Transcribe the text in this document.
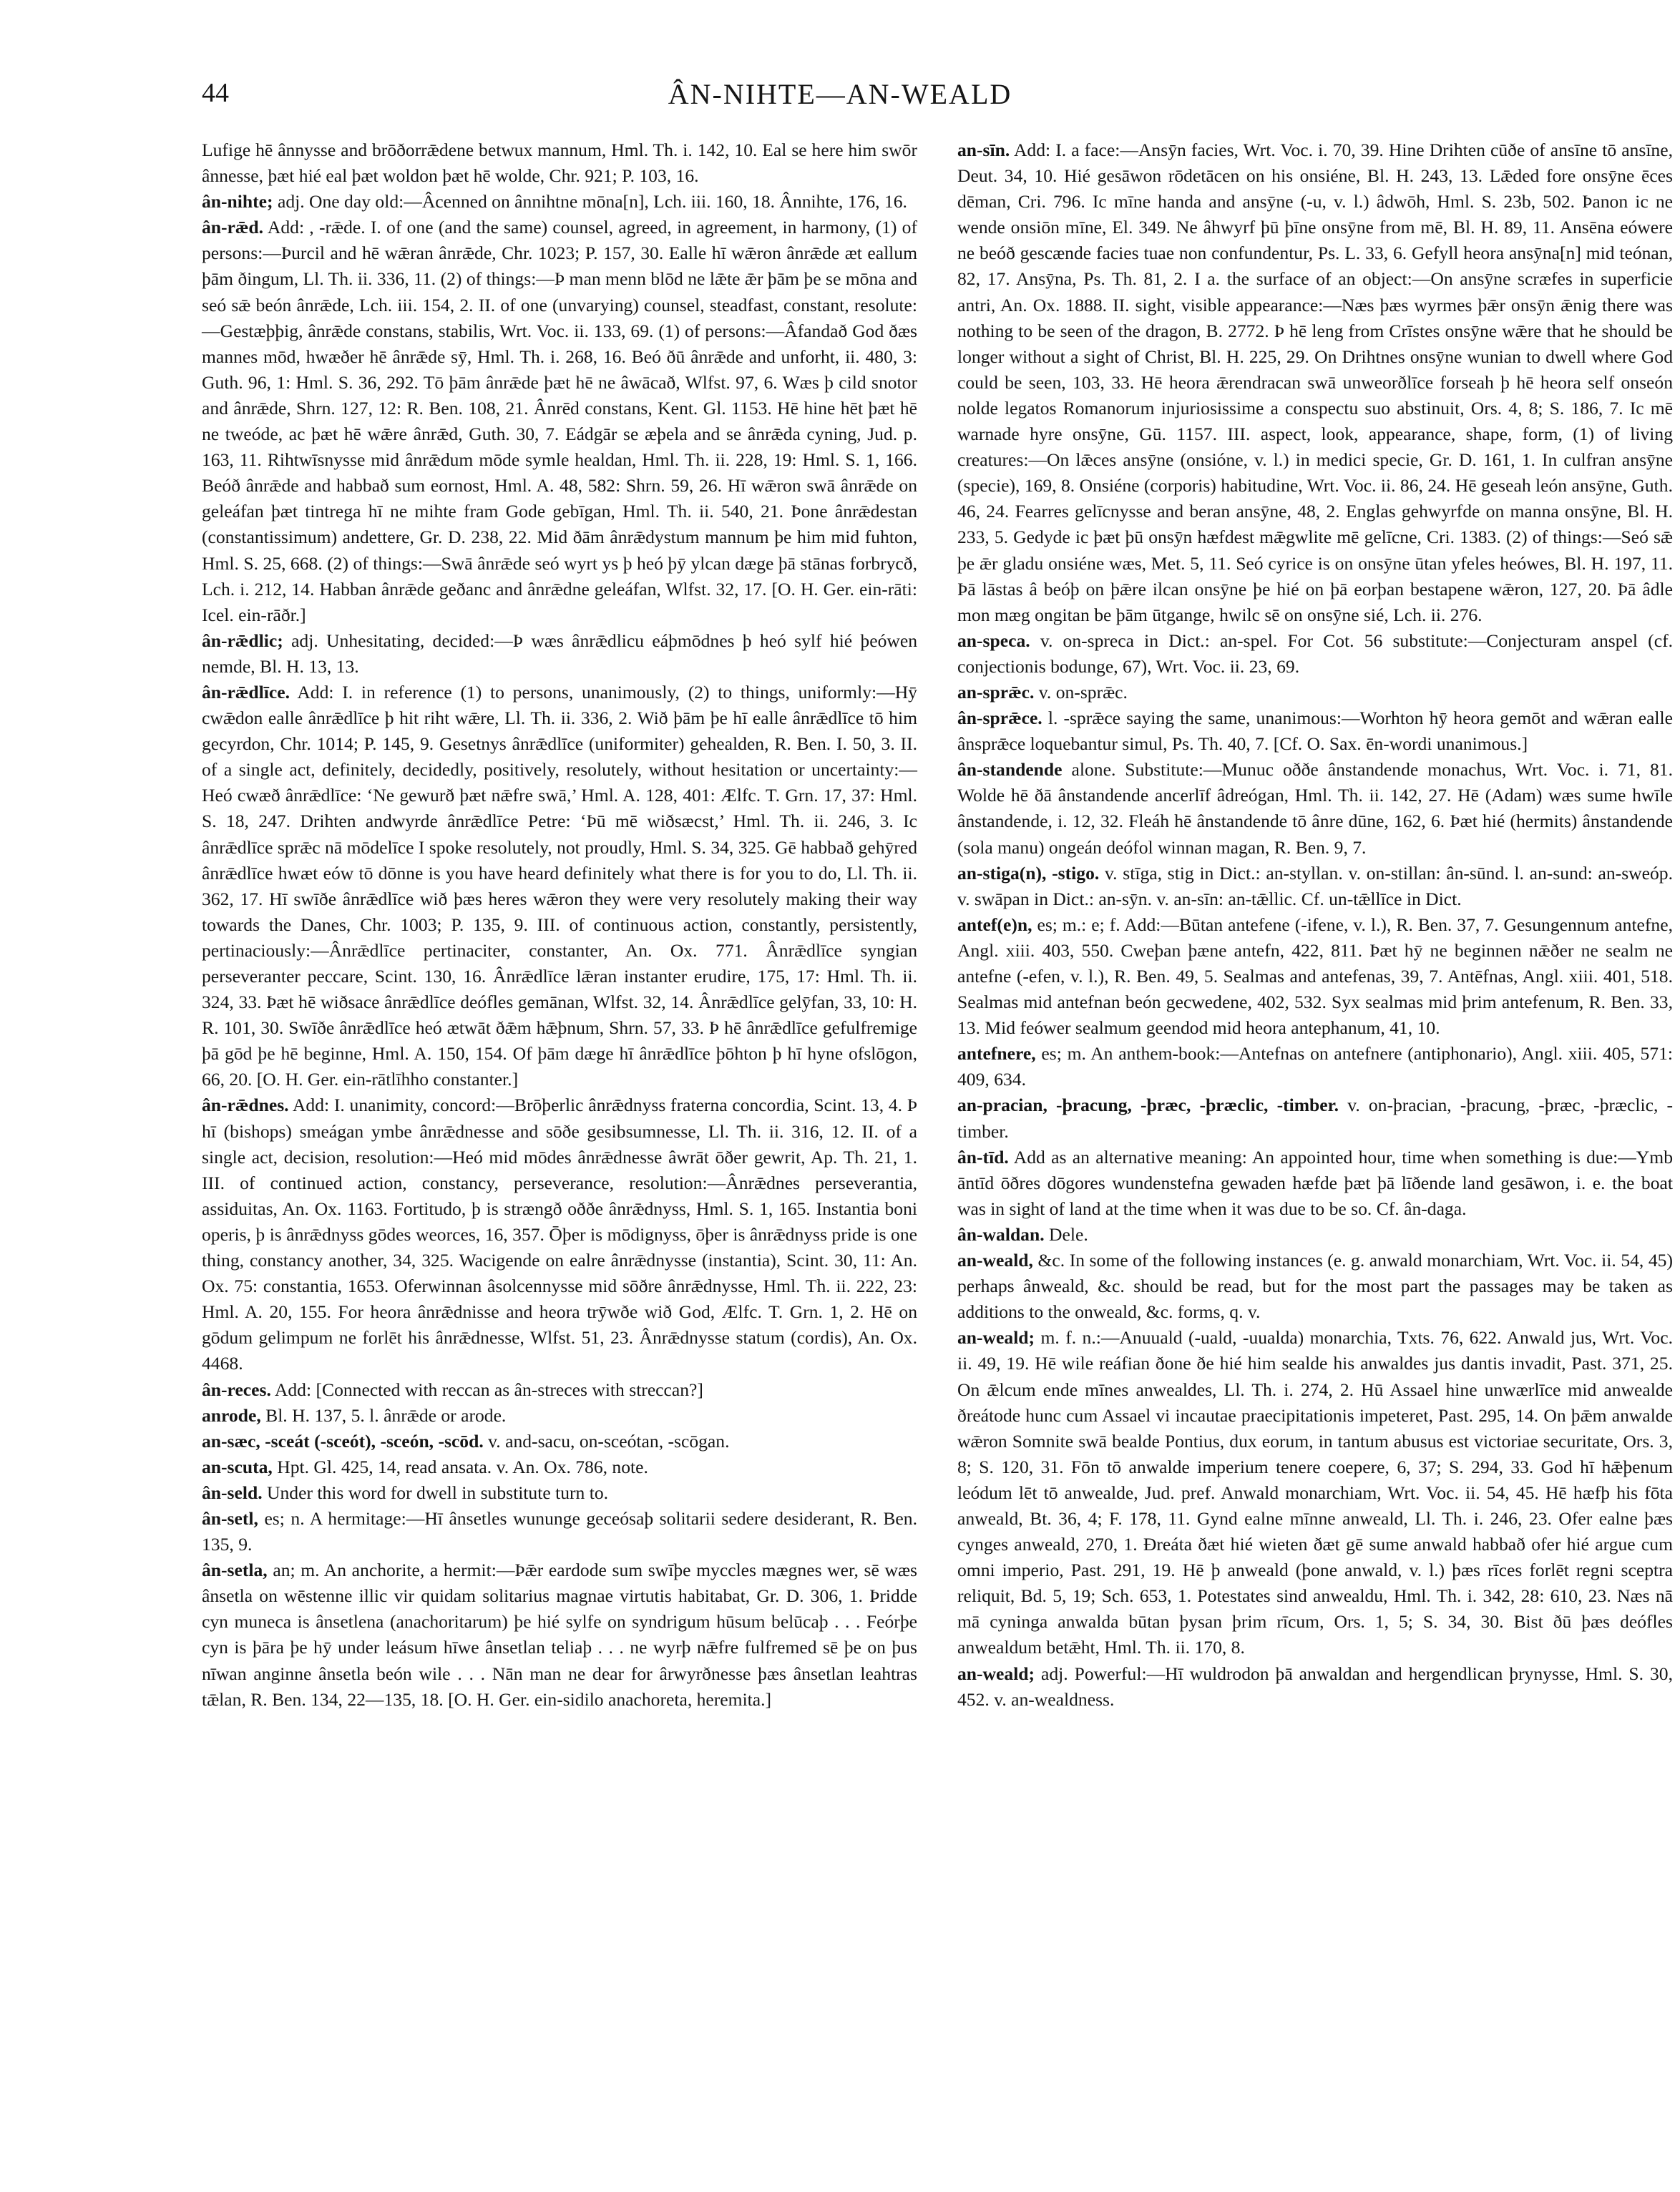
44	ÂN-NIHTE—AN-WEALD

Lufige hē ânnysse and brōðorrǣdene betwux mannum, Hml. Th. i. 142, 10. Eal se here him swōr ânnesse, þæt hié eal þæt woldon þæt hē wolde, Chr. 921; P. 103, 16.

ân-nihte; adj. One day old:—Âcenned on ânnihtne mōna[n], Lch. iii. 160, 18. Ânnihte, 176, 16.

ân-rǣd. Add: , -rǣde. I. of one (and the same) counsel, agreed, in agreement, in harmony, (1) of persons:—Þurcil and hē wǣran ânrǣde, Chr. 1023; P. 157, 30. Ealle hī wǣron ânrǣde æt eallum þām ðingum, Ll. Th. ii. 336, 11. (2) of things:—Þ man menn blōd ne lǣte ǣr þām þe se mōna and seó sǣ beón ânrǣde, Lch. iii. 154, 2. II. of one (unvarying) counsel, steadfast, constant, resolute:—Gestæþþig, ânrǣde constans, stabilis, Wrt. Voc. ii. 133, 69. (1) of persons:—Âfandað God ðæs mannes mōd, hwæðer hē ânrǣde sȳ, Hml. Th. i. 268, 16. Beó ðū ânrǣde and unforht, ii. 480, 3: Guth. 96, 1: Hml. S. 36, 292. Tō þām ânrǣde þæt hē ne âwācað, Wlfst. 97, 6. Wæs þ cild snotor and ânrǣde, Shrn. 127, 12: R. Ben. 108, 21. Ânrēd constans, Kent. Gl. 1153. Hē hine hēt þæt hē ne tweóde, ac þæt hē wǣre ânrǣd, Guth. 30, 7. Eádgār se æþela and se ânrǣda cyning, Jud. p. 163, 11. Rihtwīsnysse mid ânrǣdum mōde symle healdan, Hml. Th. ii. 228, 19: Hml. S. 1, 166. Beóð ânrǣde and habbað sum eornost, Hml. A. 48, 582: Shrn. 59, 26. Hī wǣron swā ânrǣde on geleáfan þæt tintrega hī ne mihte fram Gode gebīgan, Hml. Th. ii. 540, 21. Þone ânrǣdestan (constantissimum) andettere, Gr. D. 238, 22. Mid ðām ânrǣdystum mannum þe him mid fuhton, Hml. S. 25, 668. (2) of things:—Swā ânrǣde seó wyrt ys þ heó þȳ ylcan dæge þā stānas forbrycð, Lch. i. 212, 14. Habban ânrǣde geðanc and ânrǣdne geleáfan, Wlfst. 32, 17. [O. H. Ger. ein-rāti: Icel. ein-rāðr.]

ân-rǣdlic; adj. Unhesitating, decided:—Þ wæs ânrǣdlicu eáþmōdnes þ heó sylf hié þeówen nemde, Bl. H. 13, 13.

ân-rǣdlīce. Add: I. in reference (1) to persons, unanimously, (2) to things, uniformly:—Hȳ cwǣdon ealle ânrǣdlīce þ hit riht wǣre, Ll. Th. ii. 336, 2. Wið þām þe hī ealle ânrǣdlīce tō him gecyrdon, Chr. 1014; P. 145, 9. Gesetnys ânrǣdlīce (uniformiter) gehealden, R. Ben. I. 50, 3. II. of a single act, definitely, decidedly, positively, resolutely, without hesitation or uncertainty:—Heó cwæð ânrǣdlīce: ‘Ne gewurð þæt nǣfre swā,’ Hml. A. 128, 401: Ælfc. T. Grn. 17, 37: Hml. S. 18, 247. Drihten andwyrde ânrǣdlīce Petre: ‘Þū mē wiðsæcst,’ Hml. Th. ii. 246, 3. Ic ânrǣdlīce sprǣc nā mōdelīce I spoke resolutely, not proudly, Hml. S. 34, 325. Gē habbað gehȳred ânrǣdlīce hwæt eów tō dōnne is you have heard definitely what there is for you to do, Ll. Th. ii. 362, 17. Hī swīðe ânrǣdlīce wið þæs heres wǣron they were very resolutely making their way towards the Danes, Chr. 1003; P. 135, 9. III. of continuous action, constantly, persistently, pertinaciously:—Ânrǣdlīce pertinaciter, constanter, An. Ox. 771. Ânrǣdlīce syngian perseveranter peccare, Scint. 130, 16. Ânrǣdlīce lǣran instanter erudire, 175, 17: Hml. Th. ii. 324, 33. Þæt hē wiðsace ânrǣdlīce deófles gemānan, Wlfst. 32, 14. Ânrǣdlīce gelȳfan, 33, 10: H. R. 101, 30. Swīðe ânrǣdlīce heó ætwāt ðǣm hǣþnum, Shrn. 57, 33. Þ hē ânrǣdlīce gefulfremige þā gōd þe hē beginne, Hml. A. 150, 154. Of þām dæge hī ânrǣdlīce þōhton þ hī hyne ofslōgon, 66, 20. [O. H. Ger. ein-rātlīhho constanter.]

ân-rǣdnes. Add: I. unanimity, concord:—Brōþerlic ânrǣdnyss fraterna concordia, Scint. 13, 4. Þ hī (bishops) smeágan ymbe ânrǣdnesse and sōðe gesibsumnesse, Ll. Th. ii. 316, 12. II. of a single act, decision, resolution:—Heó mid mōdes ânrǣdnesse âwrāt ōðer gewrit, Ap. Th. 21, 1. III. of continued action, constancy, perseverance, resolution:—Ânrǣdnes perseverantia, assiduitas, An. Ox. 1163. Fortitudo, þ is strængð oððe ânrǣdnyss, Hml. S. 1, 165. Instantia boni operis, þ is ânrǣdnyss gōdes weorces, 16, 357. Ōþer is mōdignyss, ōþer is ânrǣdnyss pride is one thing, constancy another, 34, 325. Wacigende on ealre ânrǣdnysse (instantia), Scint. 30, 11: An. Ox. 75: constantia, 1653. Oferwinnan âsolcennysse mid sōðre ânrǣdnysse, Hml. Th. ii. 222, 23: Hml. A. 20, 155. For heora ânrǣdnisse and heora trȳwðe wið God, Ælfc. T. Grn. 1, 2. Hē on gōdum gelimpum ne forlēt his ânrǣdnesse, Wlfst. 51, 23. Ânrǣdnysse statum (cordis), An. Ox. 4468.

ân-reces. Add: [Connected with reccan as ân-streces with streccan?]

anrode, Bl. H. 137, 5. l. ânrǣde or arode.

an-sæc, -sceát (-sceót), -sceón, -scōd. v. and-sacu, on-sceótan, -scōgan.

an-scuta, Hpt. Gl. 425, 14, read ansata. v. An. Ox. 786, note.

ân-seld. Under this word for dwell in substitute turn to.

ân-setl, es; n. A hermitage:—Hī ânsetles wununge geceósaþ solitarii sedere desiderant, R. Ben. 135, 9.

ân-setla, an; m. An anchorite, a hermit:—Þǣr eardode sum swīþe myccles mægnes wer, sē wæs ânsetla on wēstenne illic vir quidam solitarius magnae virtutis habitabat, Gr. D. 306, 1. Þridde cyn muneca is ânsetlena (anachoritarum) þe hié sylfe on syndrigum hūsum belūcaþ . . . Feórþe cyn is þāra þe hȳ under leásum hīwe ânsetlan teliaþ . . . ne wyrþ nǣfre fulfremed sē þe on þus nīwan anginne ânsetla beón wile . . . Nān man ne dear for ârwyrðnesse þæs ânsetlan leahtras tǣlan, R. Ben. 134, 22—135, 18. [O. H. Ger. ein-sidilo anachoreta, heremita.]

an-sīn. Add: I. a face:—Ansȳn facies, Wrt. Voc. i. 70, 39. Hine Drihten cūðe of ansīne tō ansīne, Deut. 34, 10. Hié gesāwon rōdetācen on his onsiéne, Bl. H. 243, 13. Lǣded fore onsȳne ēces dēman, Cri. 796. Ic mīne handa and ansȳne (-u, v. l.) âdwōh, Hml. S. 23b, 502. Þanon ic ne wende onsiōn mīne, El. 349. Ne âhwyrf þū þīne onsȳne from mē, Bl. H. 89, 11. Ansēna eówere ne beóð gescænde facies tuae non confundentur, Ps. L. 33, 6. Gefyll heora ansȳna[n] mid teónan, 82, 17. Ansȳna, Ps. Th. 81, 2. I a. the surface of an object:—On ansȳne scræfes in superficie antri, An. Ox. 1888. II. sight, visible appearance:—Næs þæs wyrmes þǣr onsȳn ǣnig there was nothing to be seen of the dragon, B. 2772. Þ hē leng from Crīstes onsȳne wǣre that he should be longer without a sight of Christ, Bl. H. 225, 29. On Drihtnes onsȳne wunian to dwell where God could be seen, 103, 33. Hē heora ǣrendracan swā unweorðlīce forseah þ hē heora self onseón nolde legatos Romanorum injuriosissime a conspectu suo abstinuit, Ors. 4, 8; S. 186, 7. Ic mē warnade hyre onsȳne, Gū. 1157. III. aspect, look, appearance, shape, form, (1) of living creatures:—On lǣces ansȳne (onsióne, v. l.) in medici specie, Gr. D. 161, 1. In culfran ansȳne (specie), 169, 8. Onsiéne (corporis) habitudine, Wrt. Voc. ii. 86, 24. Hē geseah león ansȳne, Guth. 46, 24. Fearres gelīcnysse and beran ansȳne, 48, 2. Englas gehwyrfde on manna onsȳne, Bl. H. 233, 5. Gedyde ic þæt þū onsȳn hæfdest mǣgwlite mē gelīcne, Cri. 1383. (2) of things:—Seó sǣ þe ǣr gladu onsiéne wæs, Met. 5, 11. Seó cyrice is on onsȳne ūtan yfeles heówes, Bl. H. 197, 11. Þā lāstas â beóþ on þǣre ilcan onsȳne þe hié on þā eorþan bestapene wǣron, 127, 20. Þā âdle mon mæg ongitan be þām ūtgange, hwilc sē on onsȳne sié, Lch. ii. 276.

an-speca. v. on-spreca in Dict.: an-spel. For Cot. 56 substitute:—Conjecturam anspel (cf. conjectionis bodunge, 67), Wrt. Voc. ii. 23, 69.

an-sprǣc. v. on-sprǣc.

ân-sprǣce. l. -sprǣce saying the same, unanimous:—Worhton hȳ heora gemōt and wǣran ealle ânsprǣce loquebantur simul, Ps. Th. 40, 7. [Cf. O. Sax. ēn-wordi unanimous.]

ân-standende alone. Substitute:—Munuc oððe ânstandende monachus, Wrt. Voc. i. 71, 81. Wolde hē ðā ânstandende ancerlīf âdreógan, Hml. Th. ii. 142, 27. Hē (Adam) wæs sume hwīle ânstandende, i. 12, 32. Fleáh hē ânstandende tō ânre dūne, 162, 6. Þæt hié (hermits) ânstandende (sola manu) ongeán deófol winnan magan, R. Ben. 9, 7.

an-stiga(n), -stigo. v. stīga, stig in Dict.: an-styllan. v. on-stillan: ân-sūnd. l. an-sund: an-sweóp. v. swāpan in Dict.: an-sȳn. v. an-sīn: an-tǣllic. Cf. un-tǣllīce in Dict.

antef(e)n, es; m.: e; f. Add:—Būtan antefene (-ifene, v. l.), R. Ben. 37, 7. Gesungennum antefne, Angl. xiii. 403, 550. Cweþan þæne antefn, 422, 811. Þæt hȳ ne beginnen nǣðer ne sealm ne antefne (-efen, v. l.), R. Ben. 49, 5. Sealmas and antefenas, 39, 7. Antēfnas, Angl. xiii. 401, 518. Sealmas mid antefnan beón gecwedene, 402, 532. Syx sealmas mid þrim antefenum, R. Ben. 33, 13. Mid feówer sealmum geendod mid heora antephanum, 41, 10.

antefnere, es; m. An anthem-book:—Antefnas on antefnere (antiphonario), Angl. xiii. 405, 571: 409, 634.

an-pracian, -þracung, -þræc, -þræclic, -timber. v. on-þracian, -þracung, -þræc, -þræclic, -timber.

ân-tīd. Add as an alternative meaning: An appointed hour, time when something is due:—Ymb āntīd ōðres dōgores wundenstefna gewaden hæfde þæt þā līðende land gesāwon, i. e. the boat was in sight of land at the time when it was due to be so. Cf. ân-daga.

ân-waldan. Dele.

an-weald, &c. In some of the following instances (e. g. anwald monarchiam, Wrt. Voc. ii. 54, 45) perhaps ânweald, &c. should be read, but for the most part the passages may be taken as additions to the onweald, &c. forms, q. v.

an-weald; m. f. n.:—Anuuald (-uald, -uualda) monarchia, Txts. 76, 622. Anwald jus, Wrt. Voc. ii. 49, 19. Hē wile reáfian ðone ðe hié him sealde his anwaldes jus dantis invadit, Past. 371, 25. On ǣlcum ende mīnes anwealdes, Ll. Th. i. 274, 2. Hū Assael hine unwærlīce mid anwealde ðreátode hunc cum Assael vi incautae praecipitationis impeteret, Past. 295, 14. On þǣm anwalde wǣron Somnite swā bealde Pontius, dux eorum, in tantum abusus est victoriae securitate, Ors. 3, 8; S. 120, 31. Fōn tō anwalde imperium tenere coepere, 6, 37; S. 294, 33. God hī hǣþenum leódum lēt tō anwealde, Jud. pref. Anwald monarchiam, Wrt. Voc. ii. 54, 45. Hē hæfþ his fōta anweald, Bt. 36, 4; F. 178, 11. Gynd ealne mīnne anweald, Ll. Th. i. 246, 23. Ofer ealne þæs cynges anweald, 270, 1. Ðreáta ðæt hié wieten ðæt gē sume anwald habbað ofer hié argue cum omni imperio, Past. 291, 19. Hē þ anweald (þone anwald, v. l.) þæs rīces forlēt regni sceptra reliquit, Bd. 5, 19; Sch. 653, 1. Potestates sind anwealdu, Hml. Th. i. 342, 28: 610, 23. Næs nā mā cyninga anwalda būtan þysan þrim rīcum, Ors. 1, 5; S. 34, 30. Bist ðū þæs deófles anwealdum betǣht, Hml. Th. ii. 170, 8.

an-weald; adj. Powerful:—Hī wuldrodon þā anwaldan and hergendlican þrynysse, Hml. S. 30, 452. v. an-wealdness.
